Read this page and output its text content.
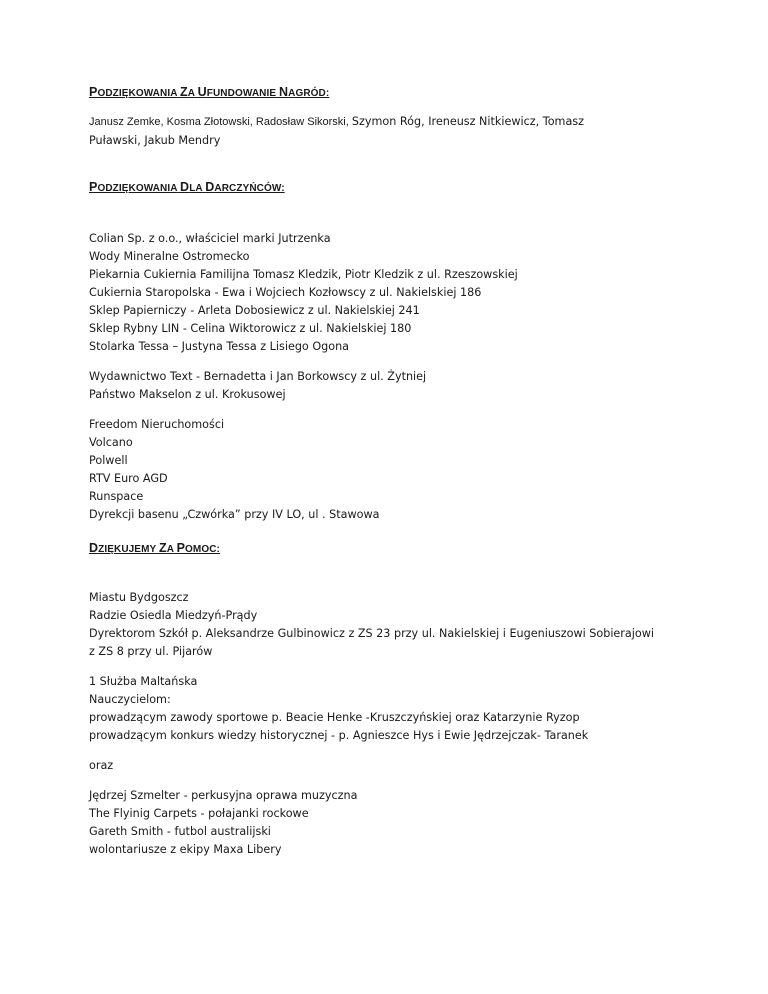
PODZIĘKOWANIA ZA UFUNDOWANIE NAGRÓD:
Janusz Zemke, Kosma Złotowski, Radosław Sikorski, Szymon Róg, Ireneusz Nitkiewicz, Tomasz
Puławski, Jakub Mendry
PODZIĘKOWANIA DLA DARCZYŃCÓW:
Colian Sp. z o.o., właściciel marki Jutrzenka
Wody Mineralne Ostromecko
Piekarnia Cukiernia Familijna Tomasz Kledzik, Piotr Kledzik z ul. Rzeszowskiej
Cukiernia Staropolska - Ewa i Wojciech Kozłowscy z ul. Nakielskiej 186
Sklep Papierniczy - Arleta Dobosiewicz z ul. Nakielskiej 241
Sklep Rybny LIN - Celina Wiktorowicz z ul. Nakielskiej 180
Stolarka Tessa – Justyna Tessa z Lisiego Ogona
Wydawnictwo Text - Bernadetta i Jan Borkowscy z ul. Żytniej
Państwo Makselon z ul. Krokusowej
Freedom Nieruchomości
Volcano
Polwell
RTV Euro AGD
Runspace
Dyrekcji basenu „Czwórka” przy IV LO, ul . Stawowa
DZIĘKUJEMY ZA POMOC:
Miastu Bydgoszcz
Radzie Osiedla Miedzyń-Prądy
Dyrektorom Szkół p. Aleksandrze Gulbinowicz z ZS 23 przy ul. Nakielskiej i Eugeniuszowi Sobierajowi
z ZS 8 przy ul. Pijarów
1 Służba Maltańska
Nauczycielom:
prowadzącym zawody sportowe p. Beacie Henke -Kruszczyńskiej oraz Katarzynie Ryzop
prowadzącym konkurs wiedzy historycznej - p. Agnieszce Hys i Ewie Jędrzejczak- Taranek
oraz
Jędrzej Szmelter - perkusyjna oprawa muzyczna
The Flyinig Carpets - połajanki rockowe
Gareth Smith - futbol australijski
wolontariusze z ekipy Maxa Libery
